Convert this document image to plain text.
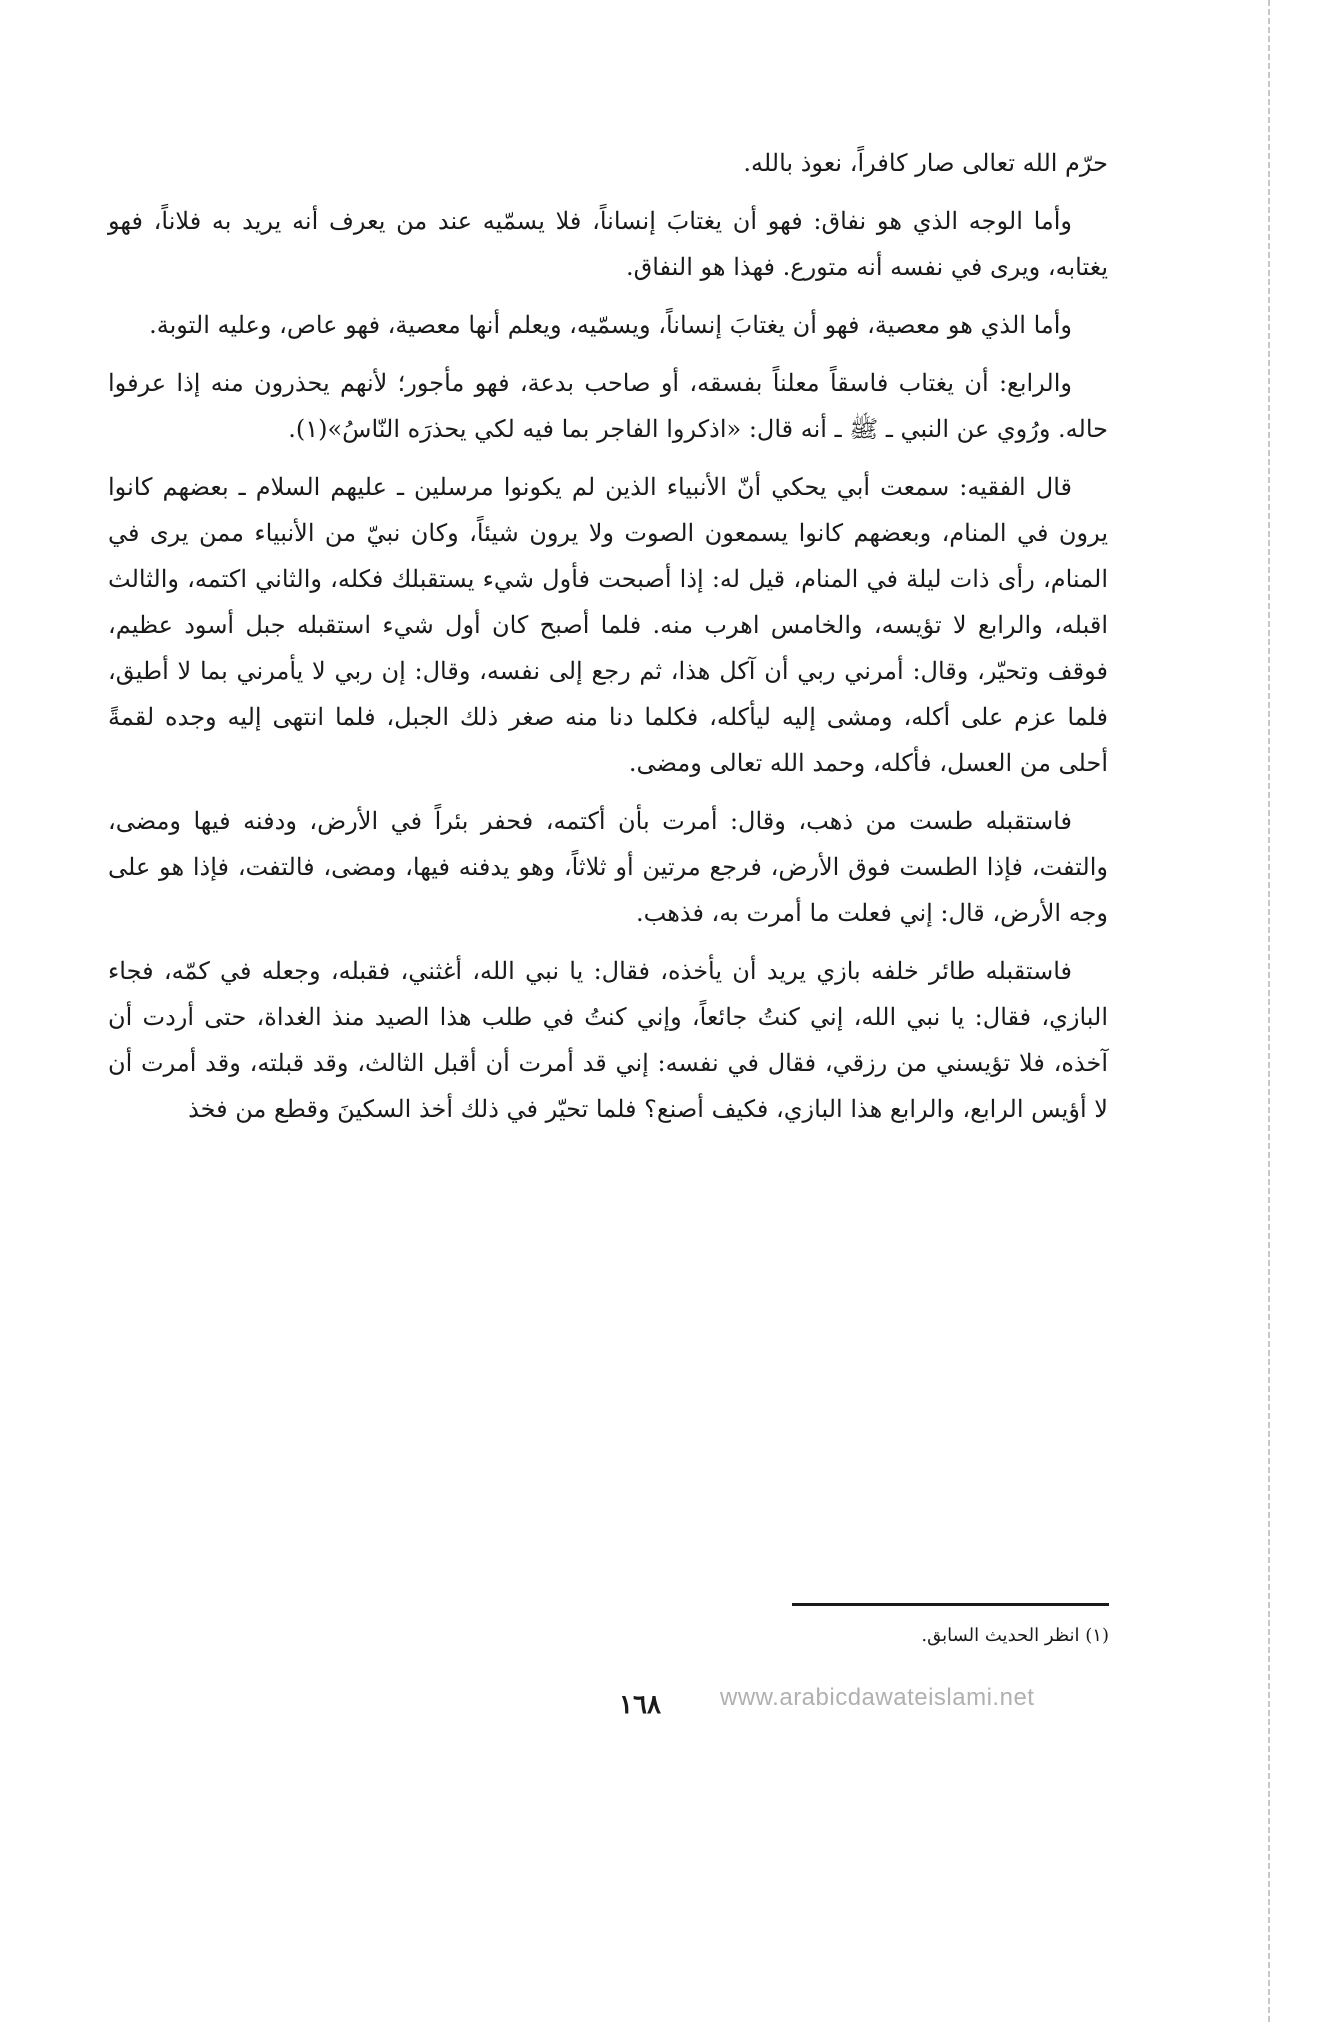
حرّم الله تعالى صار كافراً، نعوذ بالله.

وأما الوجه الذي هو نفاق: فهو أن يغتابَ إنساناً، فلا يسمّيه عند من يعرف أنه يريد به فلاناً، فهو يغتابه، ويرى في نفسه أنه متورع. فهذا هو النفاق.

وأما الذي هو معصية، فهو أن يغتابَ إنساناً، ويسمّيه، ويعلم أنها معصية، فهو عاص، وعليه التوبة.

والرابع: أن يغتاب فاسقاً معلناً بفسقه، أو صاحب بدعة، فهو مأجور؛ لأنهم يحذرون منه إذا عرفوا حاله. ورُوي عن النبي ـ ﷺ ـ أنه قال: «اذكروا الفاجر بما فيه لكي يحذرَه النّاسُ»(١).

قال الفقيه: سمعت أبي يحكي أنّ الأنبياء الذين لم يكونوا مرسلين ـ عليهم السلام ـ بعضهم كانوا يرون في المنام، وبعضهم كانوا يسمعون الصوت ولا يرون شيئاً، وكان نبيّ من الأنبياء ممن يرى في المنام، رأى ذات ليلة في المنام، قيل له: إذا أصبحت فأول شيء يستقبلك فكله، والثاني اكتمه، والثالث اقبله، والرابع لا تؤيسه، والخامس اهرب منه. فلما أصبح كان أول شيء استقبله جبل أسود عظيم، فوقف وتحيّر، وقال: أمرني ربي أن آكل هذا، ثم رجع إلى نفسه، وقال: إن ربي لا يأمرني بما لا أطيق، فلما عزم على أكله، ومشى إليه ليأكله، فكلما دنا منه صغر ذلك الجبل، فلما انتهى إليه وجده لقمةً أحلى من العسل، فأكله، وحمد الله تعالى ومضى.

فاستقبله طست من ذهب، وقال: أمرت بأن أكتمه، فحفر بئراً في الأرض، ودفنه فيها ومضى، والتفت، فإذا الطست فوق الأرض، فرجع مرتين أو ثلاثاً، وهو يدفنه فيها، ومضى، فالتفت، فإذا هو على وجه الأرض، قال: إني فعلت ما أمرت به، فذهب.

فاستقبله طائر خلفه بازي يريد أن يأخذه، فقال: يا نبي الله، أغثني، فقبله، وجعله في كمّه، فجاء البازي، فقال: يا نبي الله، إني كنتُ جائعاً، وإني كنتُ في طلب هذا الصيد منذ الغداة، حتى أردت أن آخذه، فلا تؤيسني من رزقي، فقال في نفسه: إني قد أمرت أن أقبل الثالث، وقد قبلته، وقد أمرت أن لا أؤيس الرابع، والرابع هذا البازي، فكيف أصنع؟ فلما تحيّر في ذلك أخذ السكينَ وقطع من فخذ

(١) انظر الحديث السابق.
١٦٨	www.arabicdawateislami.net
